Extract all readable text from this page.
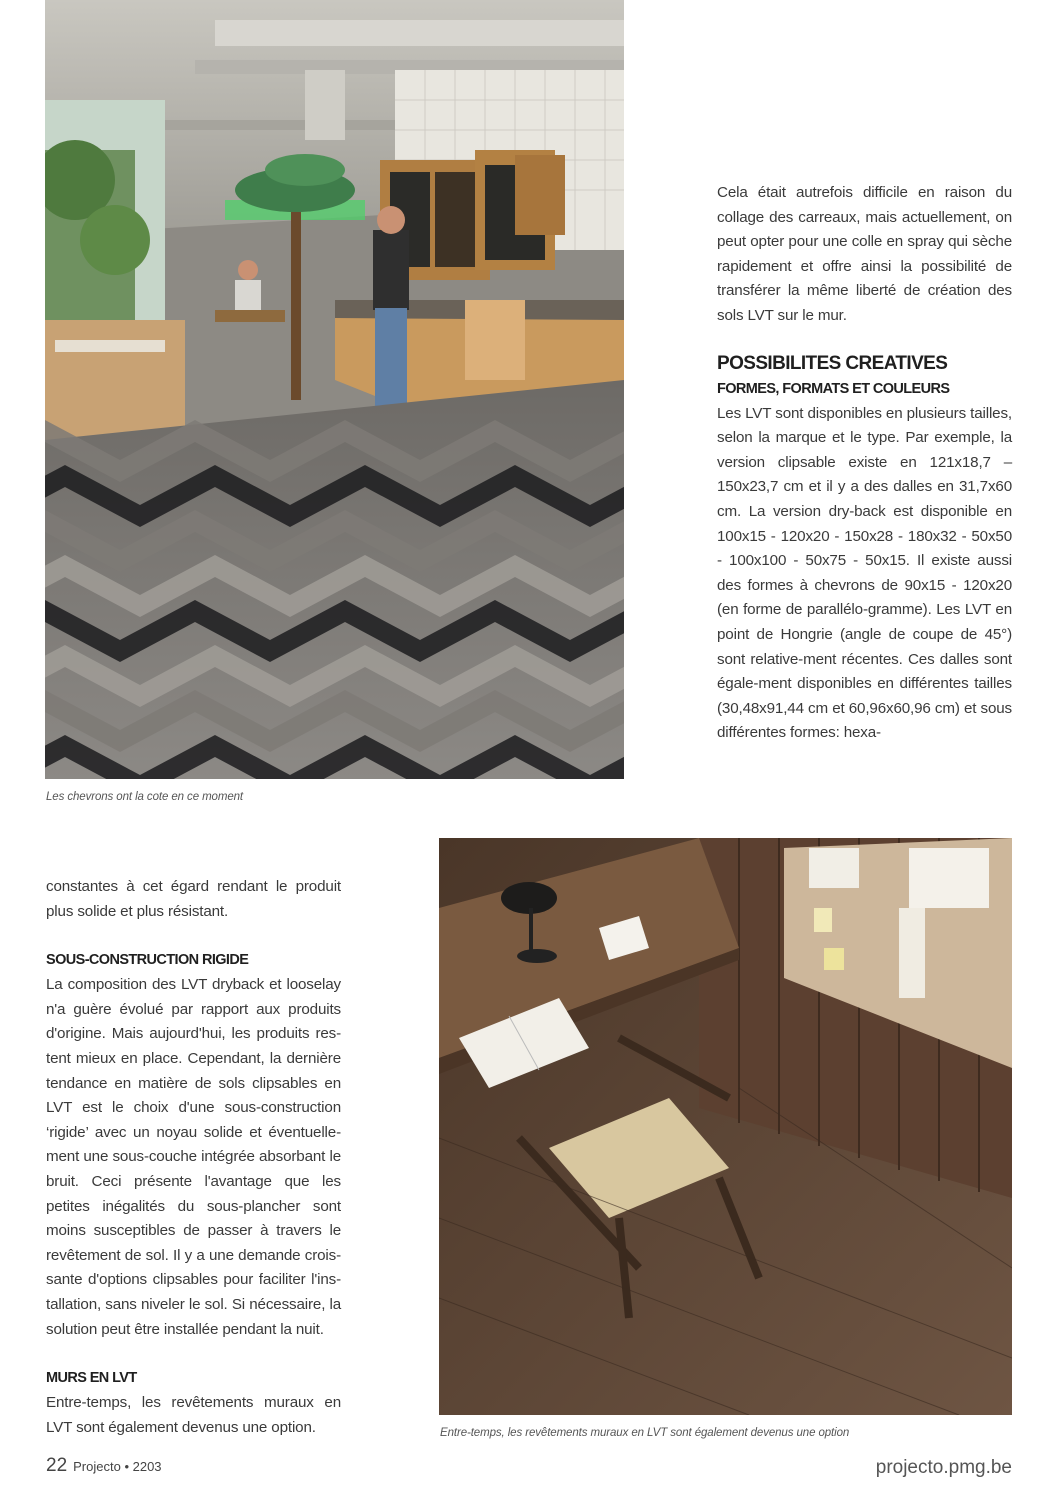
Les chevrons ont la cote en ce moment

Cela était autrefois difficile en raison du collage des carreaux, mais actuellement, on peut opter pour une colle en spray qui sèche rapidement et offre ainsi la possibilité de transférer la même liberté de création des sols LVT sur le mur.

POSSIBILITES CREATIVES
FORMES, FORMATS ET COULEURS

Les LVT sont disponibles en plusieurs tailles, selon la marque et le type. Par exemple, la version clipsable existe en 121x18,7 – 150x23,7 cm et il y a des dalles en 31,7x60 cm. La version dry-back est disponible en 100x15 - 120x20 - 150x28 - 180x32 - 50x50 - 100x100 - 50x75 - 50x15. Il existe aussi des formes à chevrons de 90x15 - 120x20 (en forme de parallélo-gramme). Les LVT en point de Hongrie (angle de coupe de 45°) sont relative-ment récentes. Ces dalles sont égale-ment disponibles en différentes tailles (30,48x91,44 cm et 60,96x60,96 cm) et sous différentes formes: hexa-

Entre-temps, les revêtements muraux en LVT sont également devenus une option

constantes à cet égard rendant le produit plus solide et plus résistant.

SOUS-CONSTRUCTION RIGIDE

La composition des LVT dryback et looselay n'a guère évolué par rapport aux produits d'origine. Mais aujourd'hui, les produits res-tent mieux en place. Cependant, la dernière tendance en matière de sols clipsables en LVT est le choix d'une sous-construction ‘rigide’ avec un noyau solide et éventuelle-ment une sous-couche intégrée absorbant le bruit. Ceci présente l'avantage que les petites inégalités du sous-plancher sont moins susceptibles de passer à travers le revêtement de sol. Il y a une demande crois-sante d'options clipsables pour faciliter l'ins-tallation, sans niveler le sol. Si nécessaire, la solution peut être installée pendant la nuit.

MURS EN LVT

Entre-temps, les revêtements muraux en LVT sont également devenus une option.

22 Projecto • 2203	projecto.pmg.be
